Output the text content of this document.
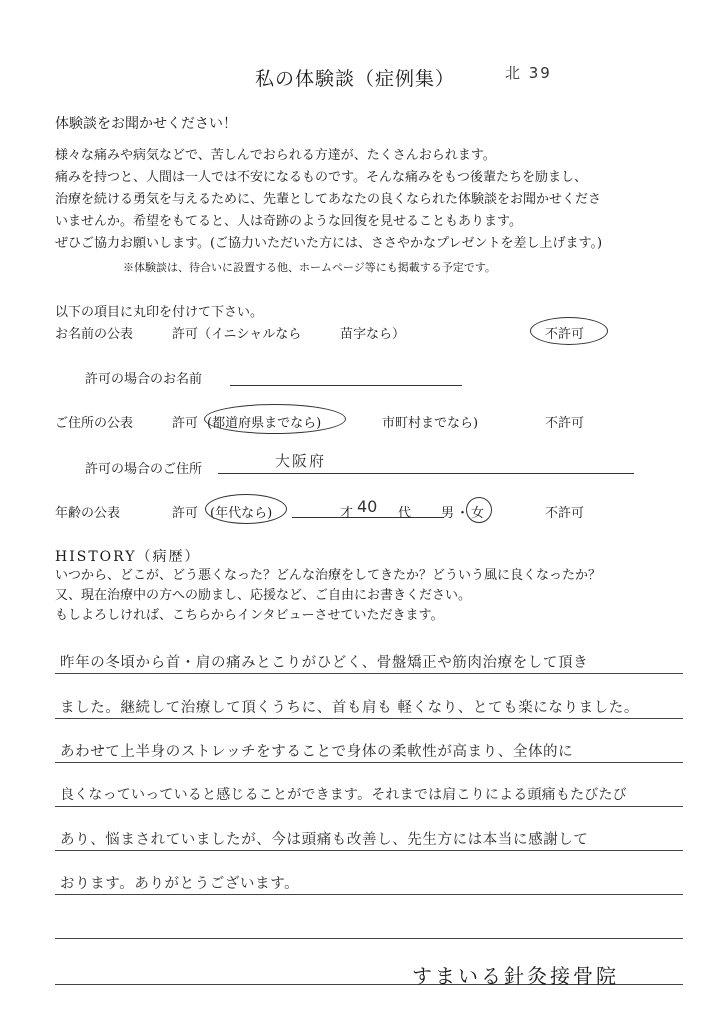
私の体験談（症例集）	北 39
体験談をお聞かせください！
様々な痛みや病気などで、苦しんでおられる方達が、たくさんおられます。
痛みを持つと、人間は一人では不安になるものです。そんな痛みをもつ後輩たちを励まし、
治療を続ける勇気を与えるために、先輩としてあなたの良くなられた体験談をお聞かせくださ
いませんか。希望をもてると、人は奇跡のような回復を見せることもあります。
ぜひご協力お願いします。(ご協力いただいた方には、ささやかなプレゼントを差し上げます。)
※体験談は、待合いに設置する他、ホームページ等にも掲載する予定です。
以下の項目に丸印を付けて下さい。
お名前の公表	許可（イニシャルなら	苗字なら）	不許可
許可の場合のお名前
ご住所の公表	許可 (都道府県までなら)	市町村までなら)	不許可
許可の場合のご住所	大阪府
年齢の公表	許可 (年代なら)	才 40 代 男 ・ 女	不許可
HISTORY（病歴）
いつから、どこが、どう悪くなった？どんな治療をしてきたか？どういう風に良くなったか？
又、現在治療中の方への励まし、応援など、ご自由にお書きください。
もしよろしければ、こちらからインタビューさせていただきます。
昨年の冬頃から首・肩の痛みとこりがひどく、骨盤矯正や筋肉治療をして頂き
ました。継続して治療して頂くうちに、首も肩も 軽くなり、とても楽になりました。
あわせて上半身のストレッチをすることで身体の柔軟性が高まり、全体的に
良くなっていっていると感じることができます。それまでは肩こりによる頭痛もたびたび
あり、悩まされていましたが、今は頭痛も改善し、先生方には本当に感謝して
おります。ありがとうございます。
すまいる針灸接骨院
